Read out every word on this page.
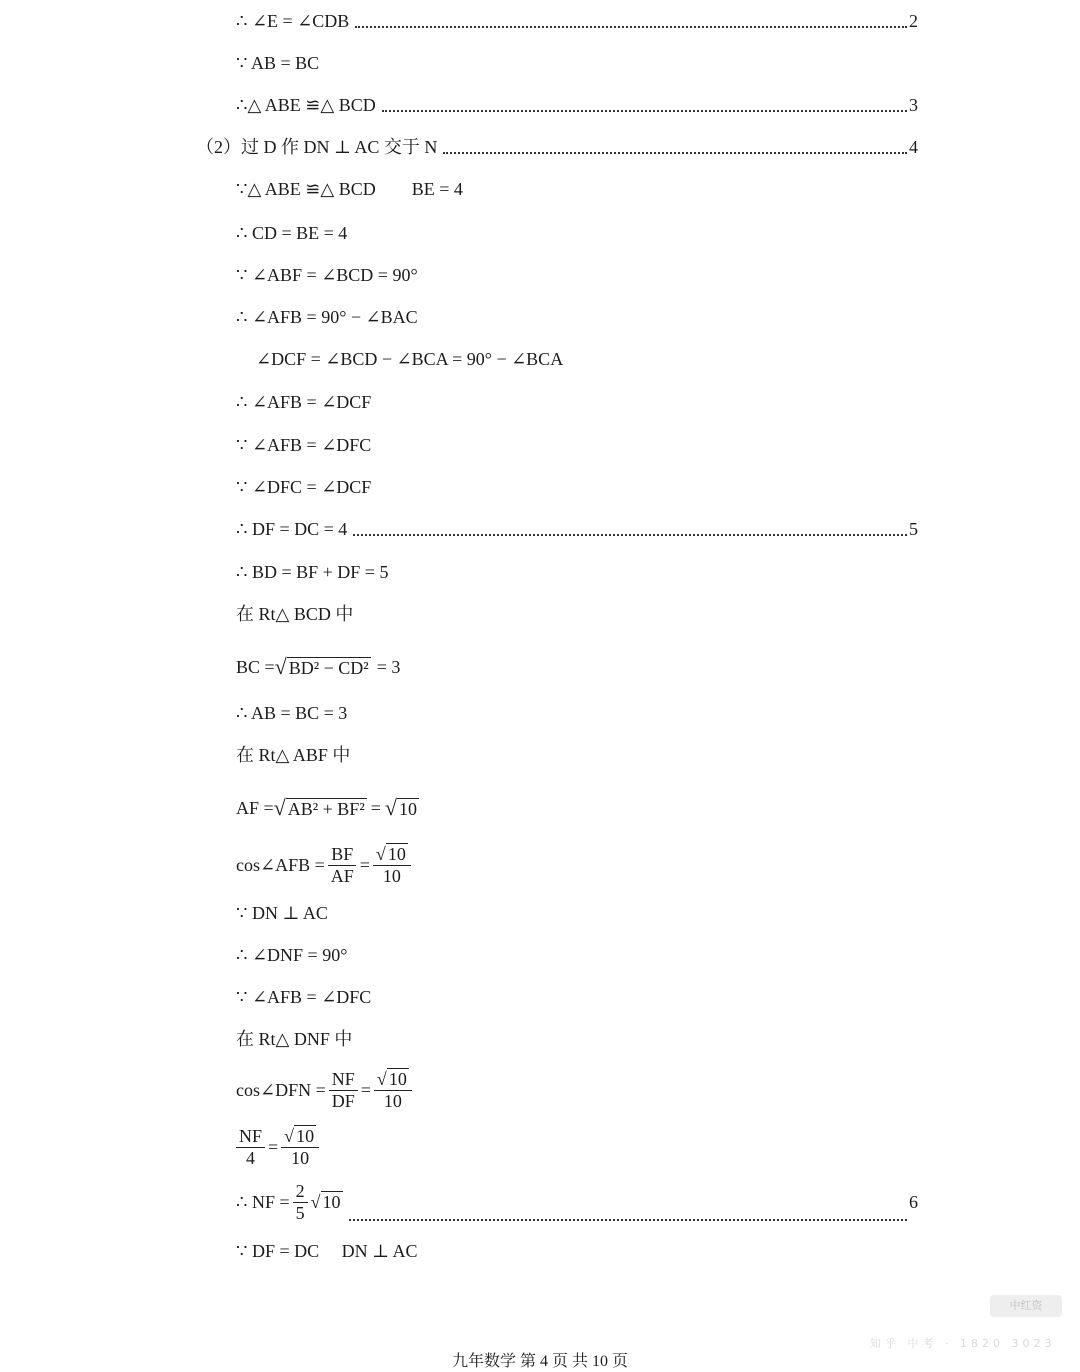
∴ ∠E = ∠CDB	2
∵ AB = BC
∴△ ABE ≌△ BCD	3
（2）过 D 作 DN ⊥ AC 交于 N	4
∵△ ABE ≌△ BCD        BE = 4
∴ CD = BE = 4
∵ ∠ABF = ∠BCD = 90°
∴ ∠AFB = 90° − ∠BAC
∠DCF = ∠BCD − ∠BCA = 90° − ∠BCA
∴ ∠AFB = ∠DCF
∵ ∠AFB = ∠DFC
∵ ∠DFC = ∠DCF
∴ DF = DC = 4	5
∴ BD = BF + DF = 5
在 Rt△ BCD 中
BC = √ BD² − CD² = 3
∴ AB = BC = 3
在 Rt△ ABF 中
AF = √ AB² + BF² = √ 10
cos∠AFB = $\frac{BF}{AF} = \frac{√ 10}{10}$
∵ DN ⊥ AC
∴ ∠DNF = 90°
∵ ∠AFB = ∠DFC
在 Rt△ DNF 中
cos∠DFN = $\frac{NF}{DF} = \frac{√ 10}{10}$
$\frac{NF}{4} = \frac{√ 10}{10}$
∴ NF = $\frac{2}{5}$ √ 10	6
∵ DF = DC     DN ⊥ AC
中红资
知乎 中考 · 1820 3023
九年数学 第 4 页 共 10 页
